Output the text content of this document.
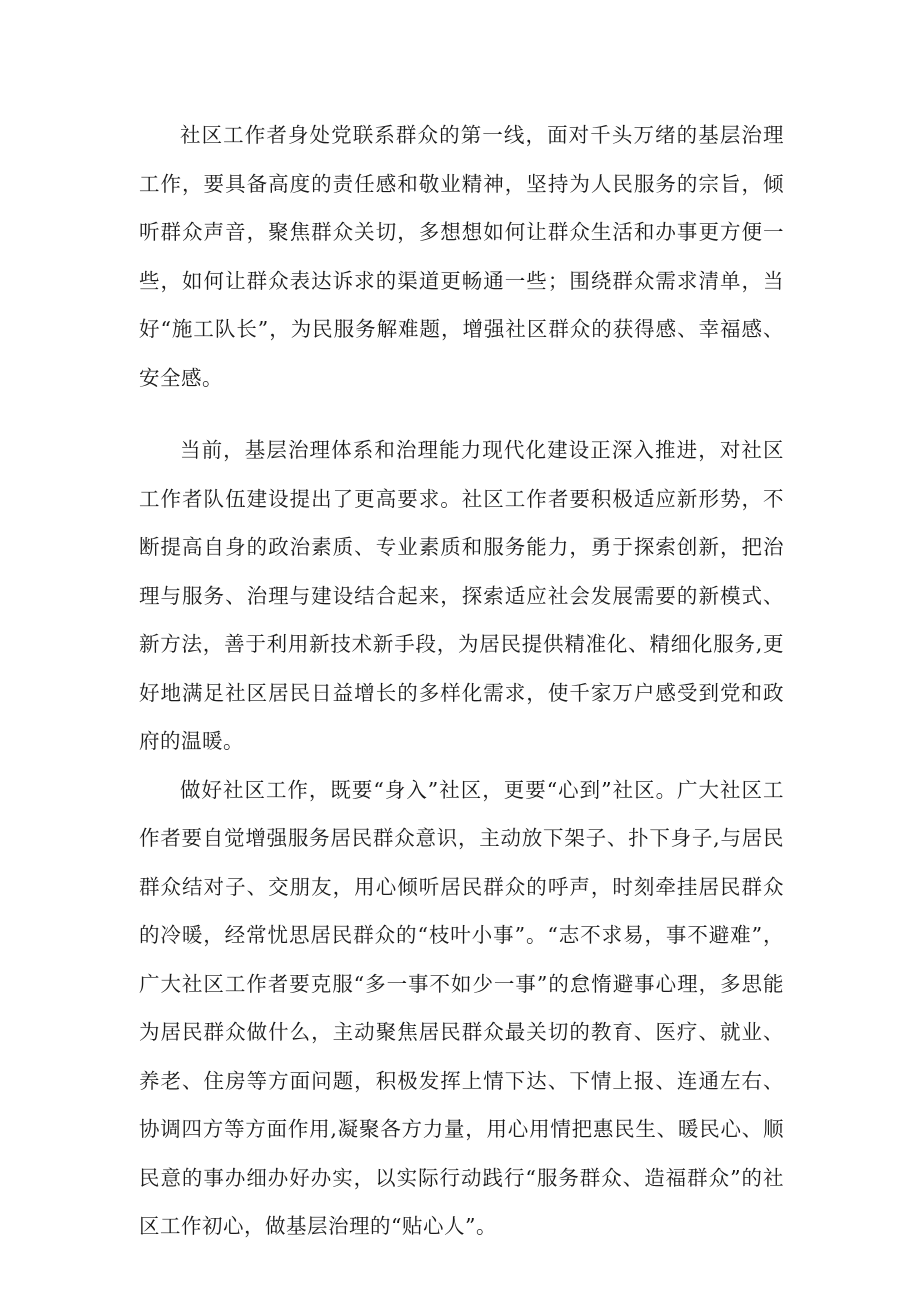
社区工作者身处党联系群众的第一线，面对千头万绪的基层治理工作，要具备高度的责任感和敬业精神，坚持为人民服务的宗旨，倾听群众声音，聚焦群众关切，多想想如何让群众生活和办事更方便一些，如何让群众表达诉求的渠道更畅通一些；围绕群众需求清单，当好“施工队长”，为民服务解难题，增强社区群众的获得感、幸福感、安全感。

当前，基层治理体系和治理能力现代化建设正深入推进，对社区工作者队伍建设提出了更高要求。社区工作者要积极适应新形势，不断提高自身的政治素质、专业素质和服务能力，勇于探索创新，把治理与服务、治理与建设结合起来，探索适应社会发展需要的新模式、新方法，善于利用新技术新手段，为居民提供精准化、精细化服务,更好地满足社区居民日益增长的多样化需求，使千家万户感受到党和政府的温暖。

做好社区工作，既要“身入”社区，更要“心到”社区。广大社区工作者要自觉增强服务居民群众意识，主动放下架子、扑下身子,与居民群众结对子、交朋友，用心倾听居民群众的呼声，时刻牵挂居民群众的冷暖，经常忧思居民群众的“枝叶小事”。“志不求易，事不避难”，广大社区工作者要克服“多一事不如少一事”的怠惰避事心理，多思能为居民群众做什么，主动聚焦居民群众最关切的教育、医疗、就业、养老、住房等方面问题，积极发挥上情下达、下情上报、连通左右、协调四方等方面作用,凝聚各方力量，用心用情把惠民生、暖民心、顺民意的事办细办好办实，以实际行动践行“服务群众、造福群众”的社区工作初心，做基层治理的“贴心人”。
